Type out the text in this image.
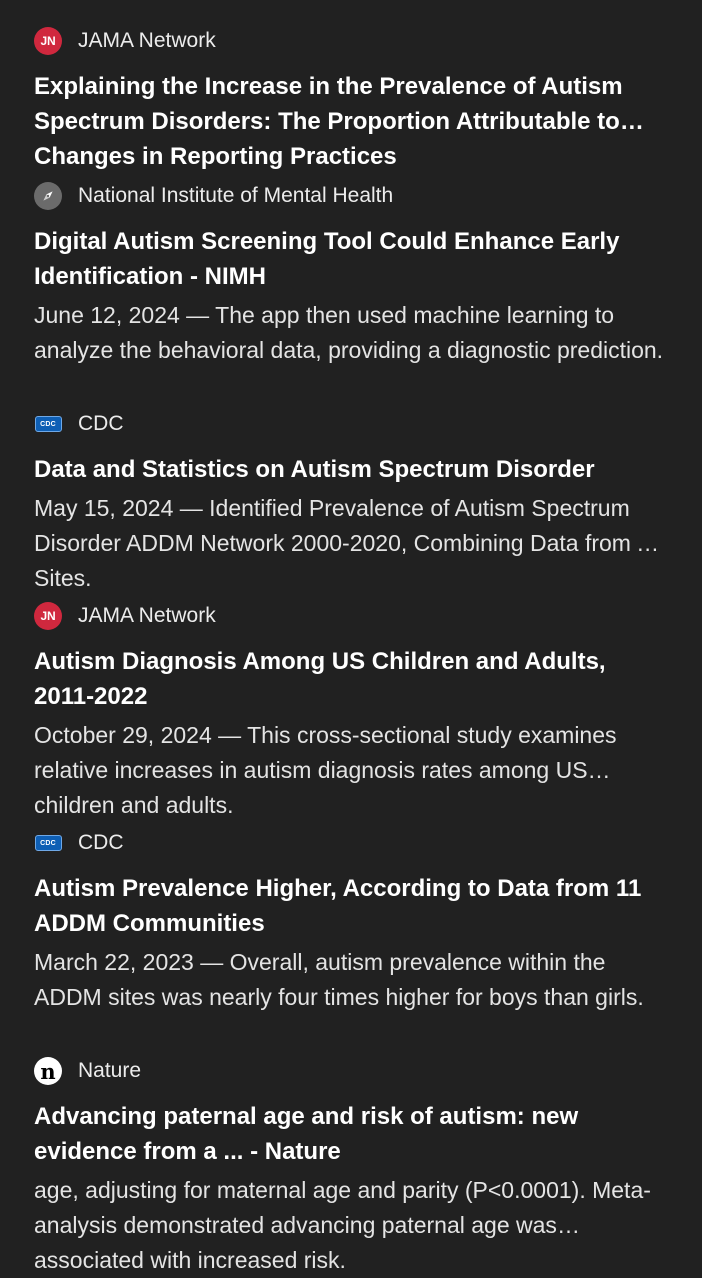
JN	JAMA Network
Explaining the Increase in the Prevalence of Autism Spectrum Disorders: The Proportion Attributable to Changes in Reporting Practices
National Institute of Mental Health
Digital Autism Screening Tool Could Enhance Early Identification - NIMH
June 12, 2024 — The app then used machine learning to analyze the behavioral data, providing a diagnostic prediction.
CDC CDC
Data and Statistics on Autism Spectrum Disorder
May 15, 2024 — Identified Prevalence of Autism Spectrum Disorder ADDM Network 2000-2020, Combining Data from All Sites.
JN	JAMA Network
Autism Diagnosis Among US Children and Adults, 2011-2022
October 29, 2024 — This cross-sectional study examines relative increases in autism diagnosis rates among US children and adults.
CDC CDC
Autism Prevalence Higher, According to Data from 11 ADDM Communities
March 22, 2023 — Overall, autism prevalence within the ADDM sites was nearly four times higher for boys than girls.
n	Nature
Advancing paternal age and risk of autism: new evidence from a ... - Nature
age, adjusting for maternal age and parity (P<0.0001). Meta-analysis demonstrated advancing paternal age was associated with increased risk.
